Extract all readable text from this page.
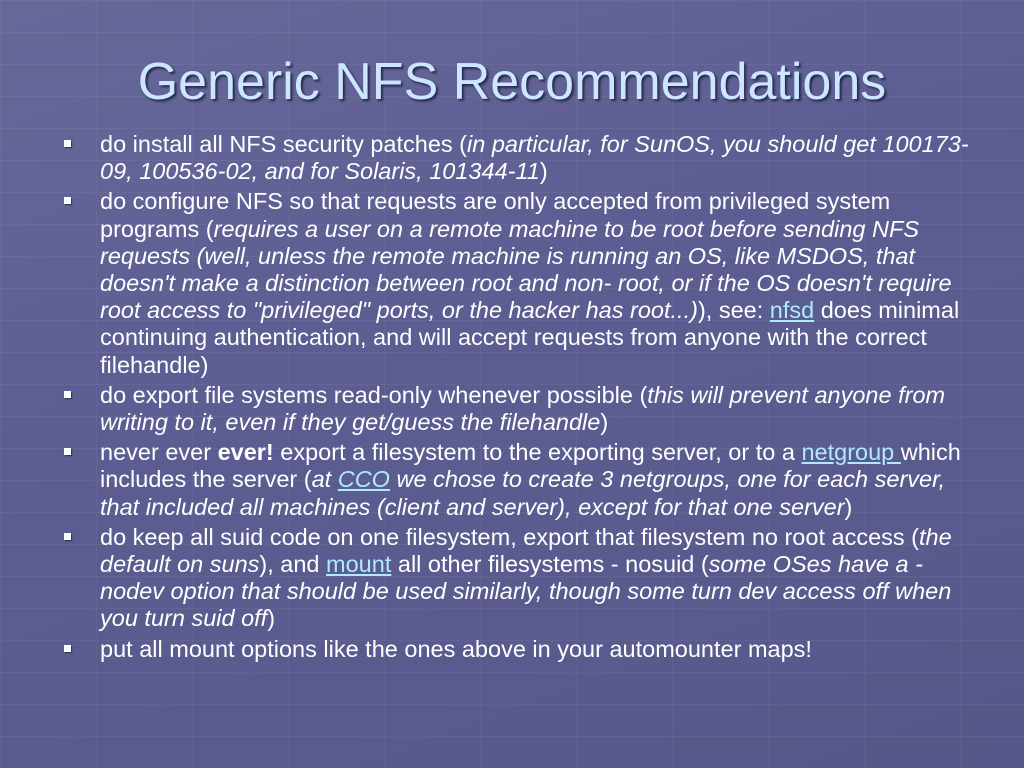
Generic NFS Recommendations
do install all NFS security patches (in particular, for SunOS, you should get 100173-09, 100536-02, and for Solaris, 101344-11)
do configure NFS so that requests are only accepted from privileged system programs (requires a user on a remote machine to be root before sending NFS requests (well, unless the remote machine is running an OS, like MSDOS, that doesn't make a distinction between root and non- root, or if the OS doesn't require root access to "privileged" ports, or the hacker has root...)), see: nfsd does minimal continuing authentication, and will accept requests from anyone with the correct filehandle)
do export file systems read-only whenever possible (this will prevent anyone from writing to it, even if they get/guess the filehandle)
never ever ever! export a filesystem to the exporting server, or to a netgroup which includes the server (at CCO we chose to create 3 netgroups, one for each server, that included all machines (client and server), except for that one server)
do keep all suid code on one filesystem, export that filesystem no root access (the default on suns), and mount all other filesystems - nosuid (some OSes have a -nodev option that should be used similarly, though some turn dev access off when you turn suid off)
put all mount options like the ones above in your automounter maps!
